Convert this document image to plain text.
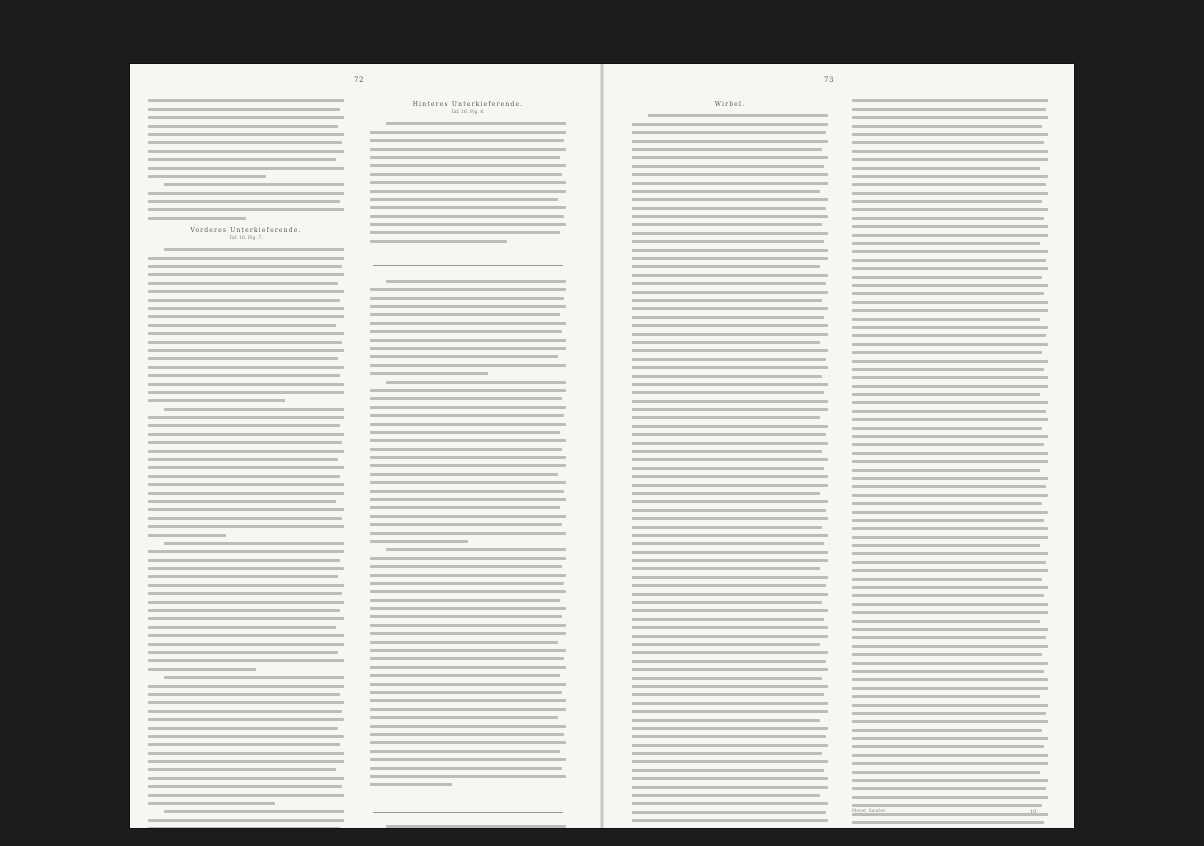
72
Vorderes Unterkieferende.
Taf. 16. Fig. 7.
Hinteres Unterkieferende.
Taf. 16. Fig. 6.
73
Wirbel.
Meyer, Saurier.	10
